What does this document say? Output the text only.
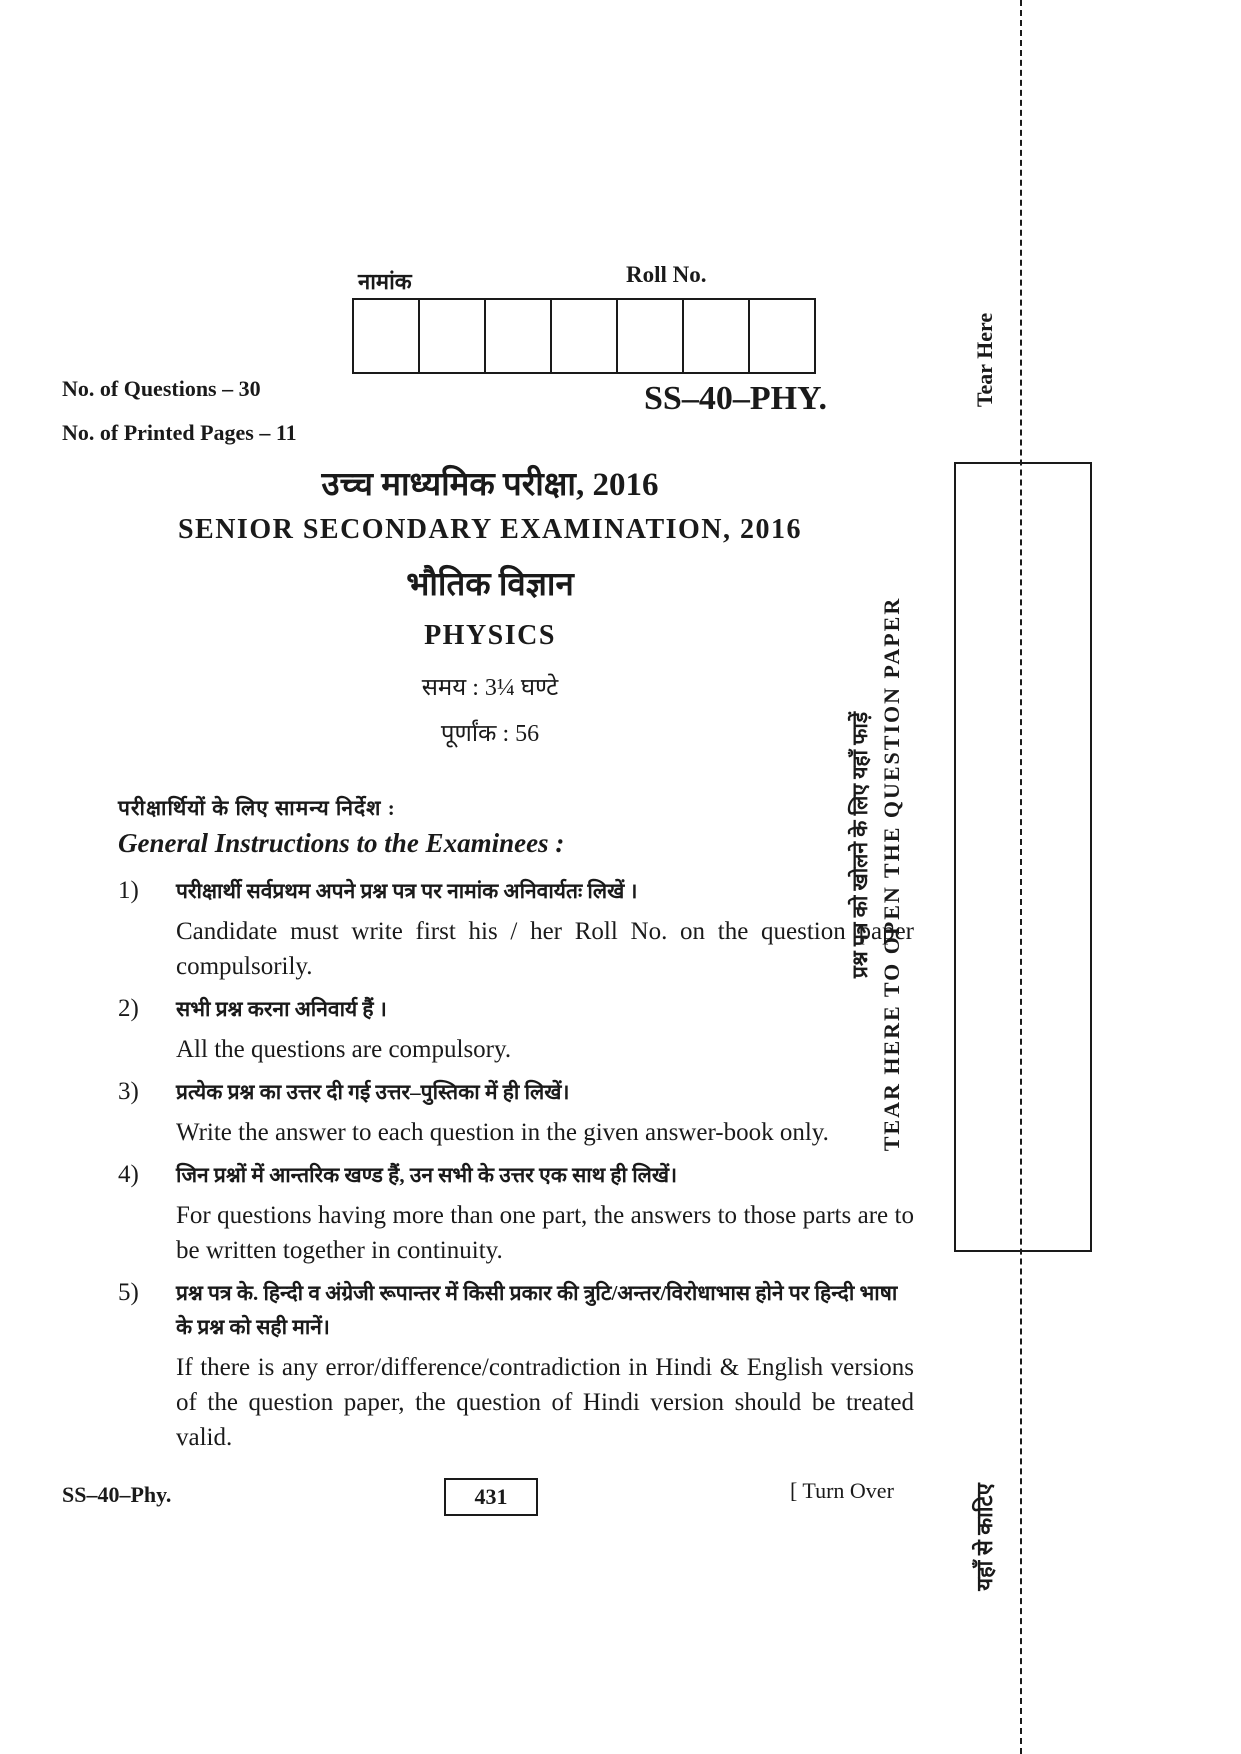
नामांक	Roll No.
No. of Questions – 30
No. of Printed Pages – 11
SS–40–PHY.
उच्च माध्यमिक परीक्षा, 2016
SENIOR SECONDARY EXAMINATION, 2016
भौतिक विज्ञान
PHYSICS
समय : 3¼ घण्टे
पूर्णांक : 56
परीक्षार्थियों के लिए सामन्य निर्देश :
General Instructions to the Examinees :
1)	परीक्षार्थी सर्वप्रथम अपने प्रश्न पत्र पर नामांक अनिवार्यतः लिखें ।
Candidate must write first his / her Roll No. on the question paper compulsorily.
2)	सभी प्रश्न करना अनिवार्य हैं ।
All the questions are compulsory.
3)	प्रत्येक प्रश्न का उत्तर दी गई उत्तर–पुस्तिका में ही लिखें।
Write the answer to each question in the given answer-book only.
4)	जिन प्रश्नों में आन्तरिक खण्ड हैं, उन सभी के उत्तर एक साथ ही लिखें।
For questions having more than one part, the answers to those parts are to be written together in continuity.
5)	प्रश्न पत्र के. हिन्दी व अंग्रेजी रूपान्तर में किसी प्रकार की त्रुटि/अन्तर/विरोधाभास होने पर हिन्दी भाषा के प्रश्न को सही मानें।
If there is any error/difference/contradiction in Hindi & English versions of the question paper, the question of Hindi version should be treated valid.
SS–40–Phy.	431	[ Turn Over
Tear Here
प्रश्न पत्र को खोलने के लिए यहाँ फाड़ें TEAR HERE TO OPEN THE QUESTION PAPER
यहाँ से काटिए
